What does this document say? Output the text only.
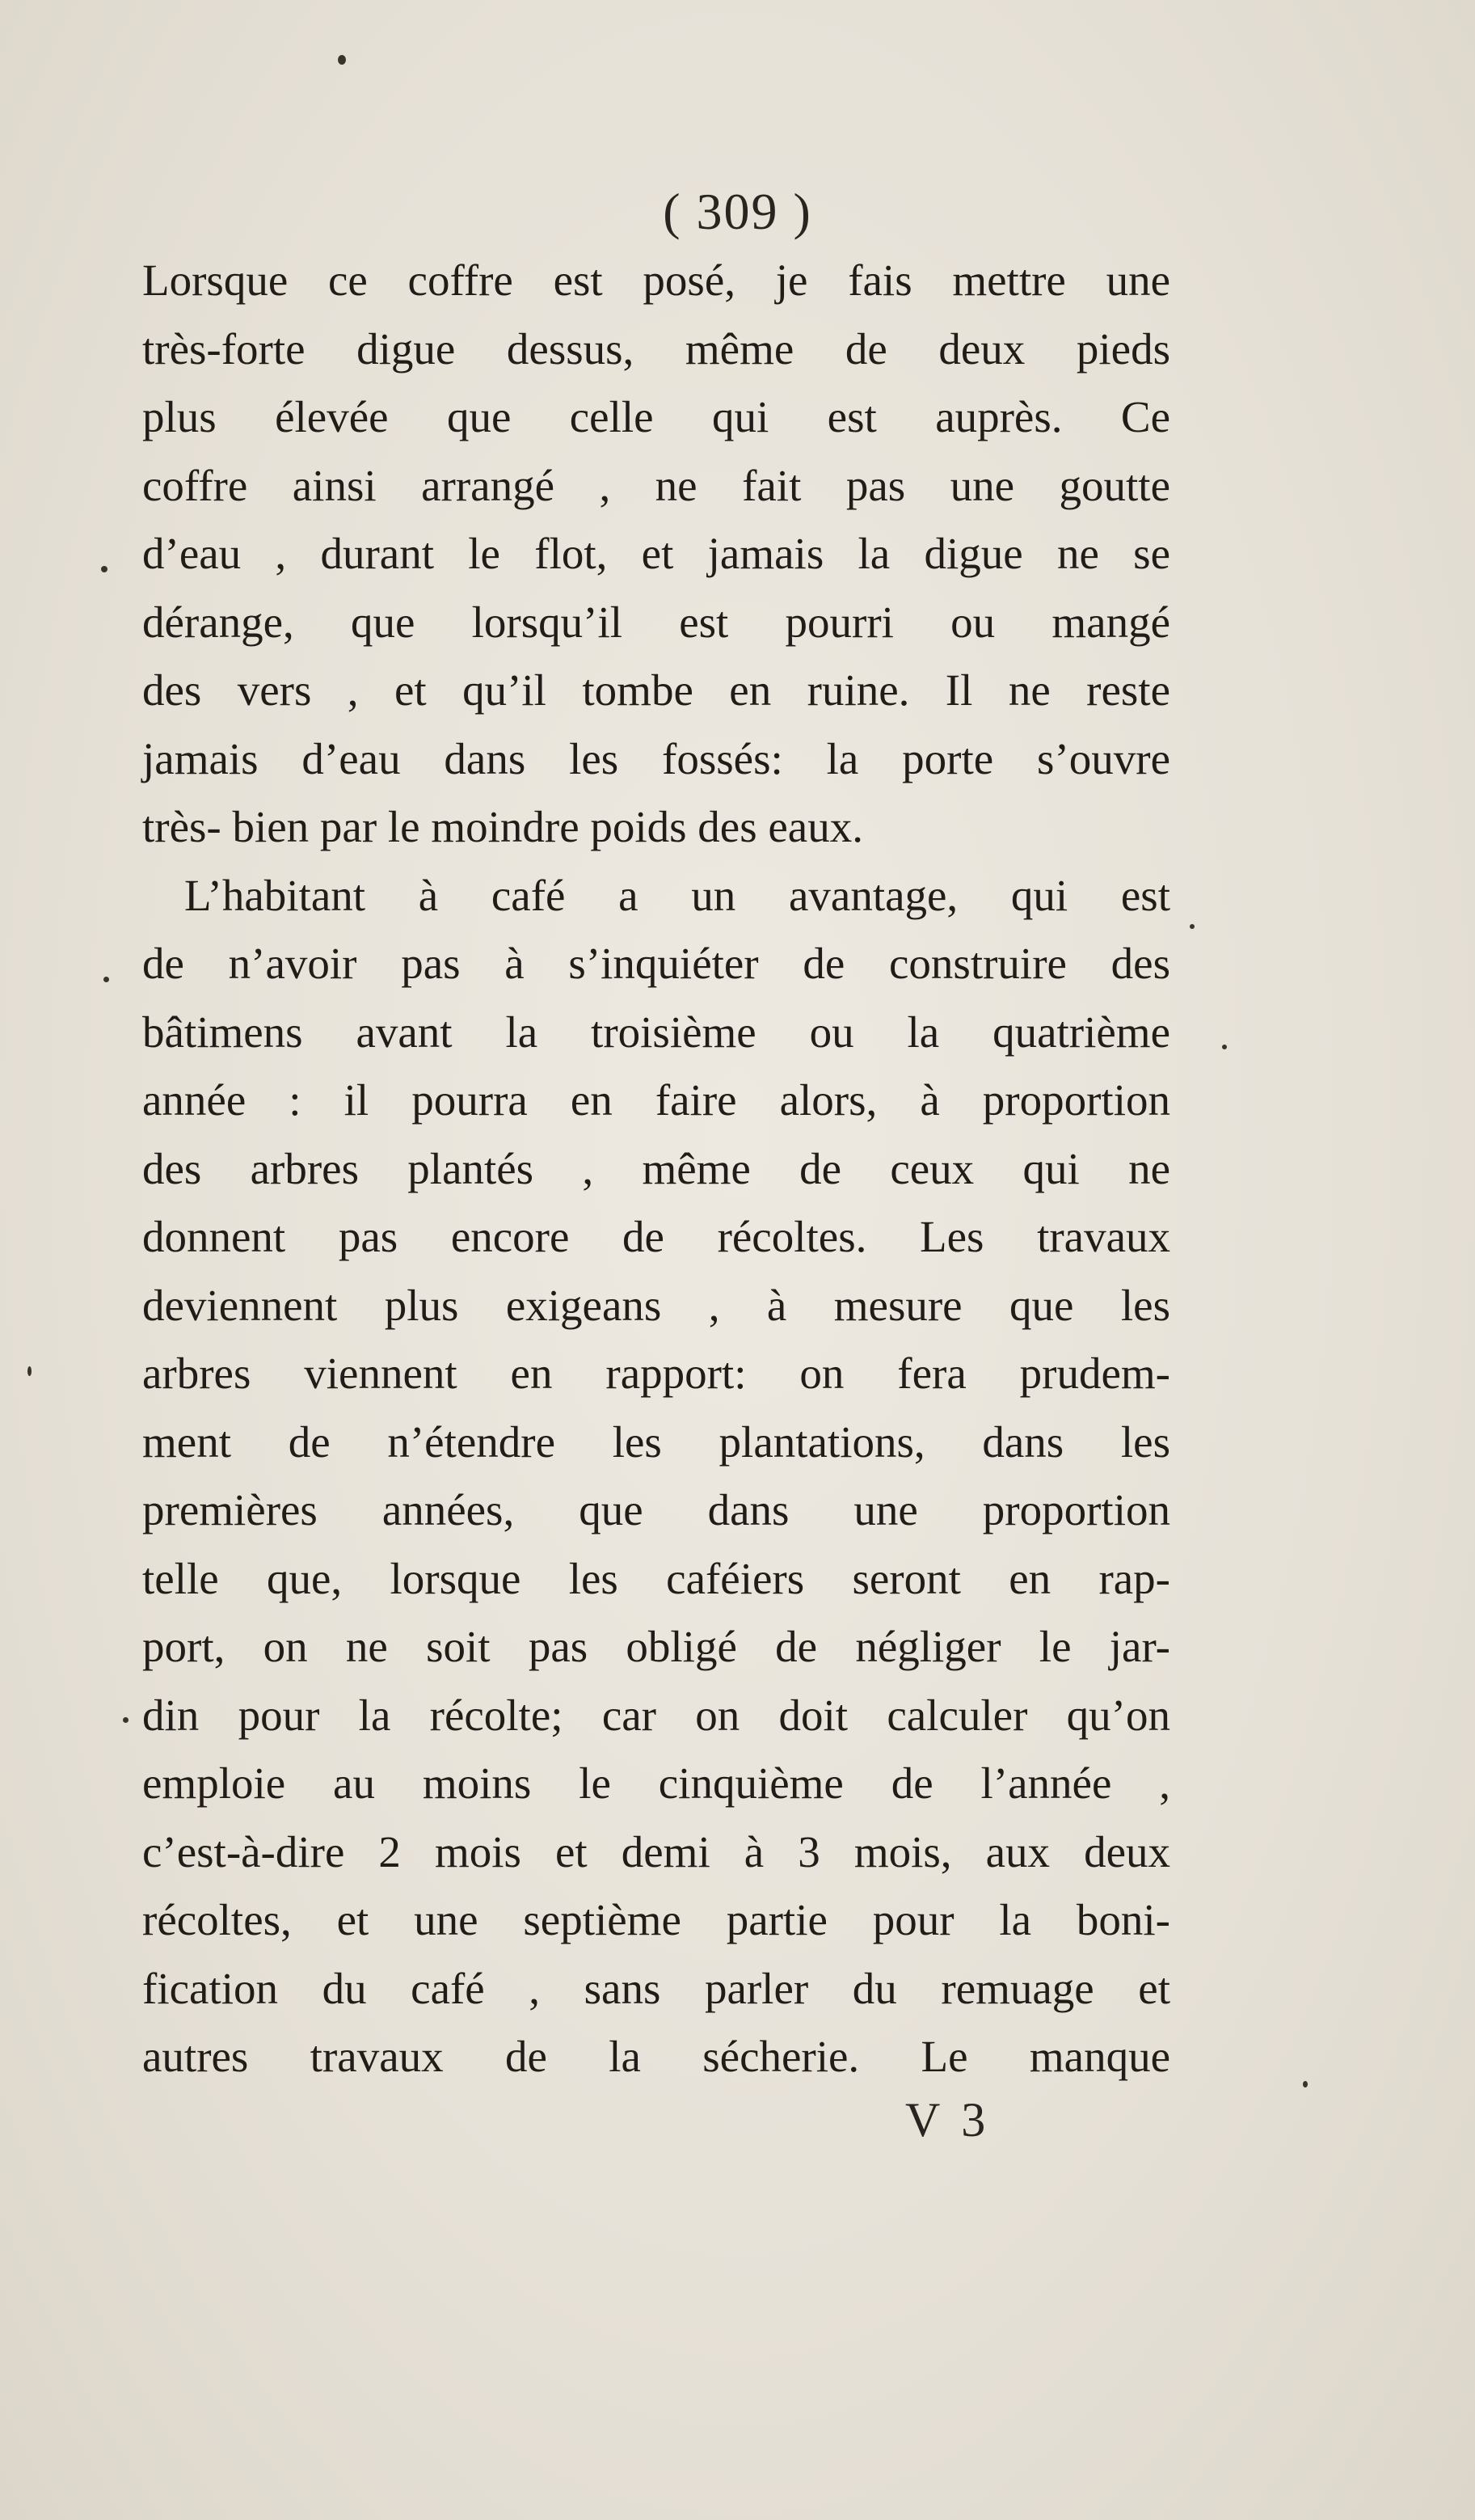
( 309 )
Lorsque ce coffre est posé, je fais mettre une
très-forte digue dessus, même de deux pieds
plus élevée que celle qui est auprès. Ce
coffre ainsi arrangé , ne fait pas une goutte
d’eau , durant le flot, et jamais la digue ne se
dérange, que lorsqu’il est pourri ou mangé
des vers , et qu’il tombe en ruine. Il ne reste
jamais d’eau dans les fossés: la porte s’ouvre
très- bien par le moindre poids des eaux.
L’habitant à café a un avantage, qui est
de n’avoir pas à s’inquiéter de construire des
bâtimens avant la troisième ou la quatrième
année : il pourra en faire alors, à proportion
des arbres plantés , même de ceux qui ne
donnent pas encore de récoltes. Les travaux
deviennent plus exigeans , à mesure que les
arbres viennent en rapport: on fera prudem-
ment de n’étendre les plantations, dans les
premières années, que dans une proportion
telle que, lorsque les caféiers seront en rap-
port, on ne soit pas obligé de négliger le jar-
din pour la récolte; car on doit calculer qu’on
emploie au moins le cinquième de l’année ,
c’est-à-dire 2 mois et demi à 3 mois, aux deux
récoltes, et une septième partie pour la boni-
fication du café , sans parler du remuage et
autres travaux de la sécherie. Le manque
V 3
